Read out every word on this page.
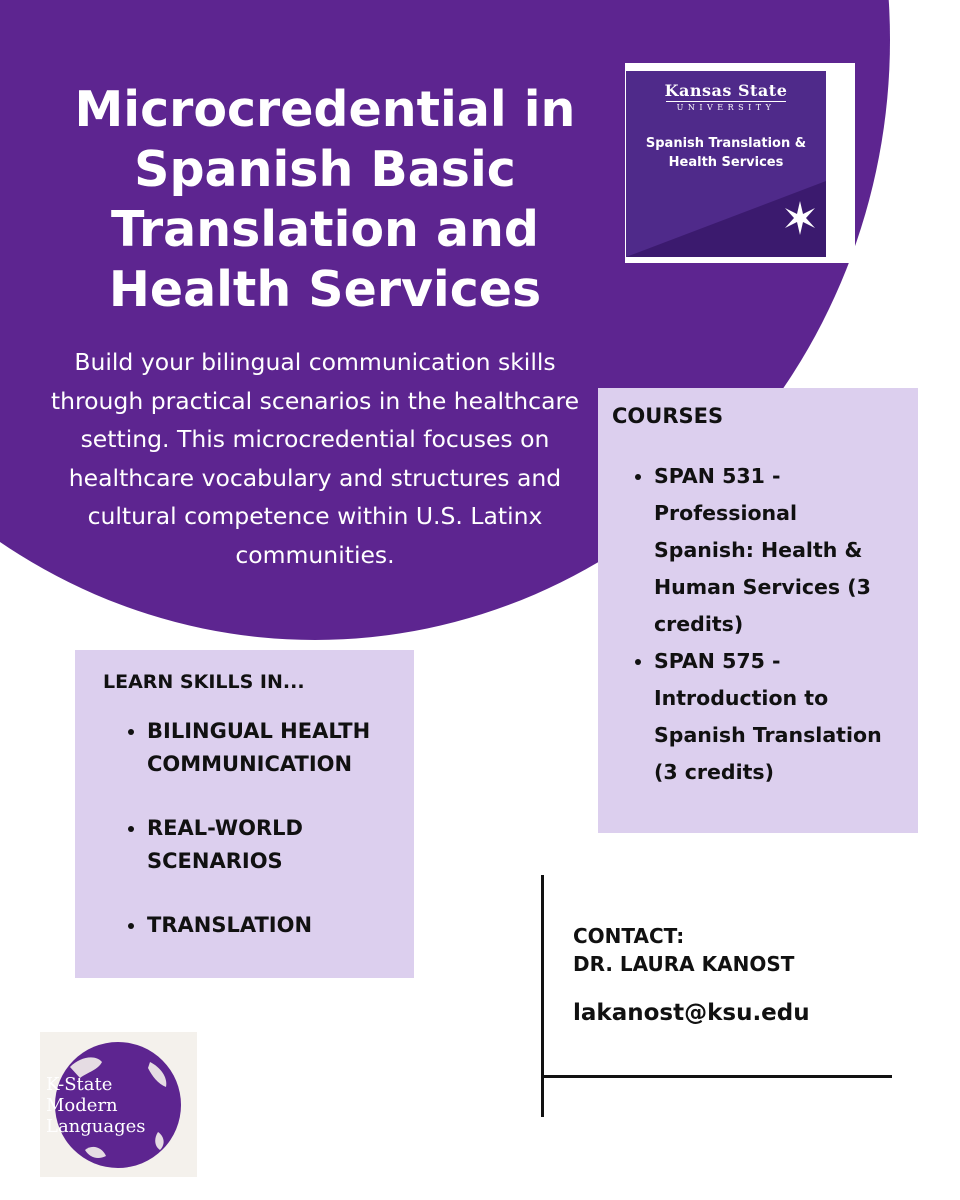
Microcredential in Spanish Basic Translation and Health Services

Build your bilingual communication skills through practical scenarios in the healthcare setting. This microcredential focuses on healthcare vocabulary and structures and cultural competence within U.S. Latinx communities.

Kansas State
UNIVERSITY
Spanish Translation & Health Services

COURSES

• SPAN 531 - Professional Spanish: Health & Human Services (3 credits)
• SPAN 575 - Introduction to Spanish Translation (3 credits)

LEARN SKILLS IN...

• BILINGUAL HEALTH COMMUNICATION
• REAL-WORLD SCENARIOS
• TRANSLATION	CONTACT:
DR. LAURA KANOST

lakanost@ksu.edu

K-State
Modern
Languages
